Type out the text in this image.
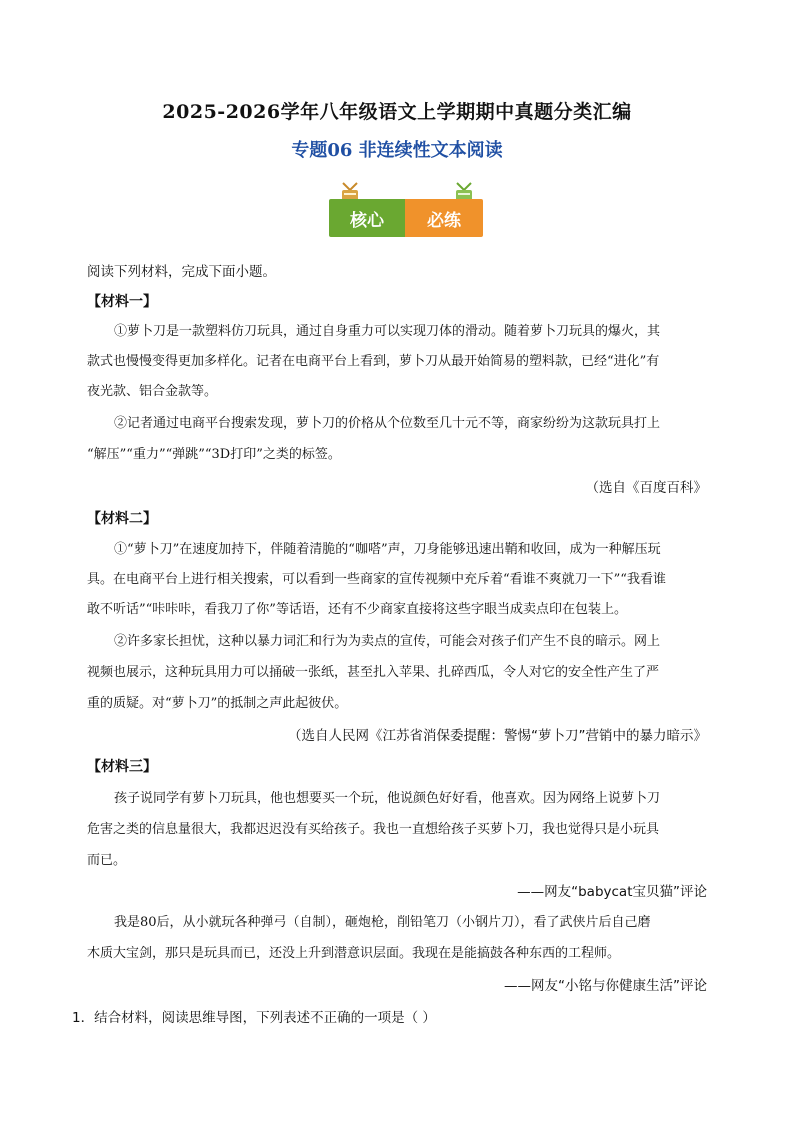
2025-2026学年八年级语文上学期期中真题分类汇编
专题06 非连续性文本阅读
核心	必练
阅读下列材料，完成下面小题。
【材料一】
①萝卜刀是一款塑料仿刀玩具，通过自身重力可以实现刀体的滑动。随着萝卜刀玩具的爆火，其
款式也慢慢变得更加多样化。记者在电商平台上看到，萝卜刀从最开始简易的塑料款，已经“进化”有
夜光款、铝合金款等。
②记者通过电商平台搜索发现，萝卜刀的价格从个位数至几十元不等，商家纷纷为这款玩具打上
“解压”“重力”“弹跳”“3D打印”之类的标签。
（选自《百度百科》
【材料二】
①“萝卜刀”在速度加持下，伴随着清脆的“咖嗒”声，刀身能够迅速出鞘和收回，成为一种解压玩
具。在电商平台上进行相关搜索，可以看到一些商家的宣传视频中充斥着“看谁不爽就刀一下”“我看谁
敢不听话”“咔咔咔，看我刀了你”等话语，还有不少商家直接将这些字眼当成卖点印在包装上。
②许多家长担忧，这种以暴力词汇和行为为卖点的宣传，可能会对孩子们产生不良的暗示。网上
视频也展示，这种玩具用力可以捅破一张纸，甚至扎入苹果、扎碎西瓜，令人对它的安全性产生了严
重的质疑。对“萝卜刀”的抵制之声此起彼伏。
（选自人民网《江苏省消保委提醒：警惕“萝卜刀”营销中的暴力暗示》
【材料三】
孩子说同学有萝卜刀玩具，他也想要买一个玩，他说颜色好好看，他喜欢。因为网络上说萝卜刀
危害之类的信息量很大，我都迟迟没有买给孩子。我也一直想给孩子买萝卜刀，我也觉得只是小玩具
而已。
——网友“babycat宝贝猫”评论
我是80后，从小就玩各种弹弓（自制），砸炮枪，削铅笔刀（小钢片刀），看了武侠片后自己磨
木质大宝剑，那只是玩具而已，还没上升到潜意识层面。我现在是能搞鼓各种东西的工程师。
——网友“小铭与你健康生活”评论
1．结合材料，阅读思维导图，下列表述不正确的一项是（ ）
